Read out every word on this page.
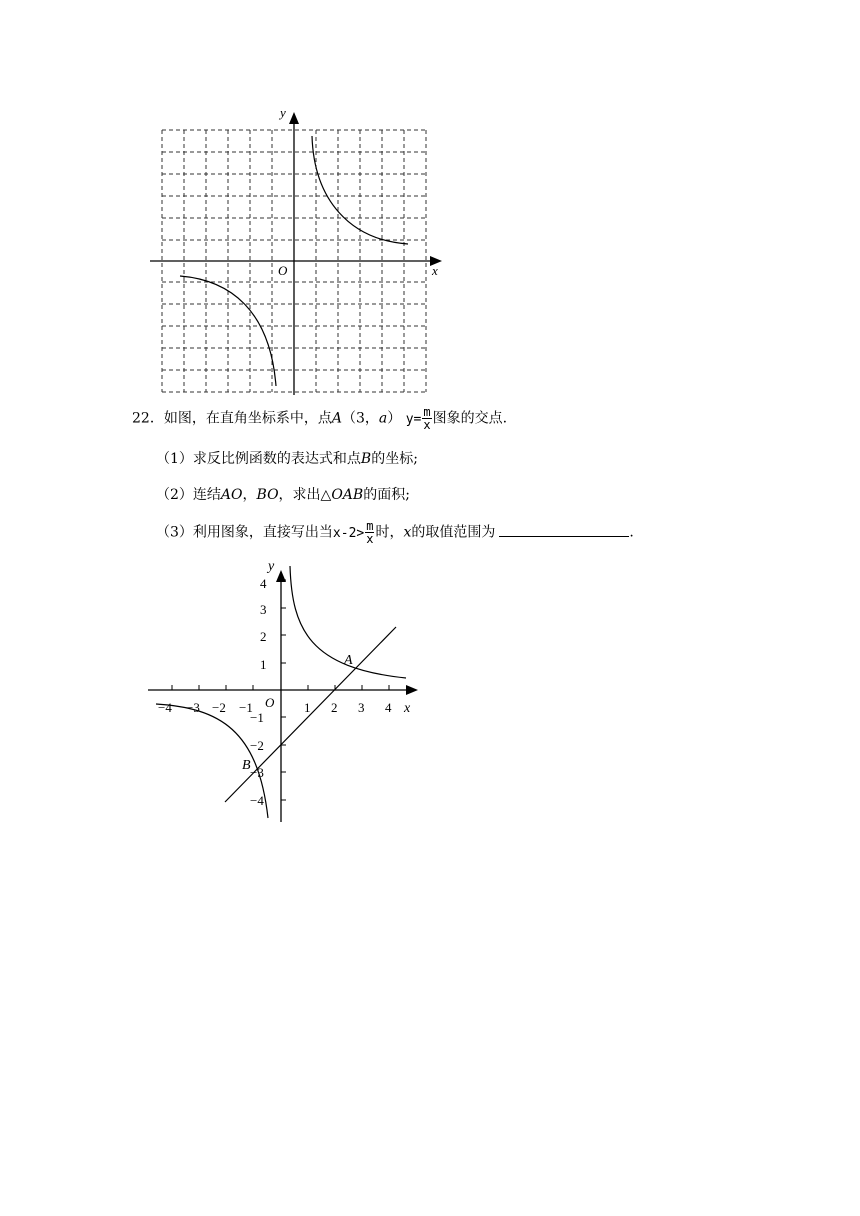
x
y
O
22．如图，在直角坐标系中，点A（3，a） $y= \frac{m}{x}$ 图象的交点.
（1）求反比例函数的表达式和点B的坐标;
（2）连结AO，BO，求出△OAB的面积;
（3）利用图象，直接写出当$x-2> \frac{m}{x}$ 时，x的取值范围为	.
−4 −3 −2 −1	1 2 3 4
4
3
2
1
−1
−2
−3
−4
x
y
O
A
B
